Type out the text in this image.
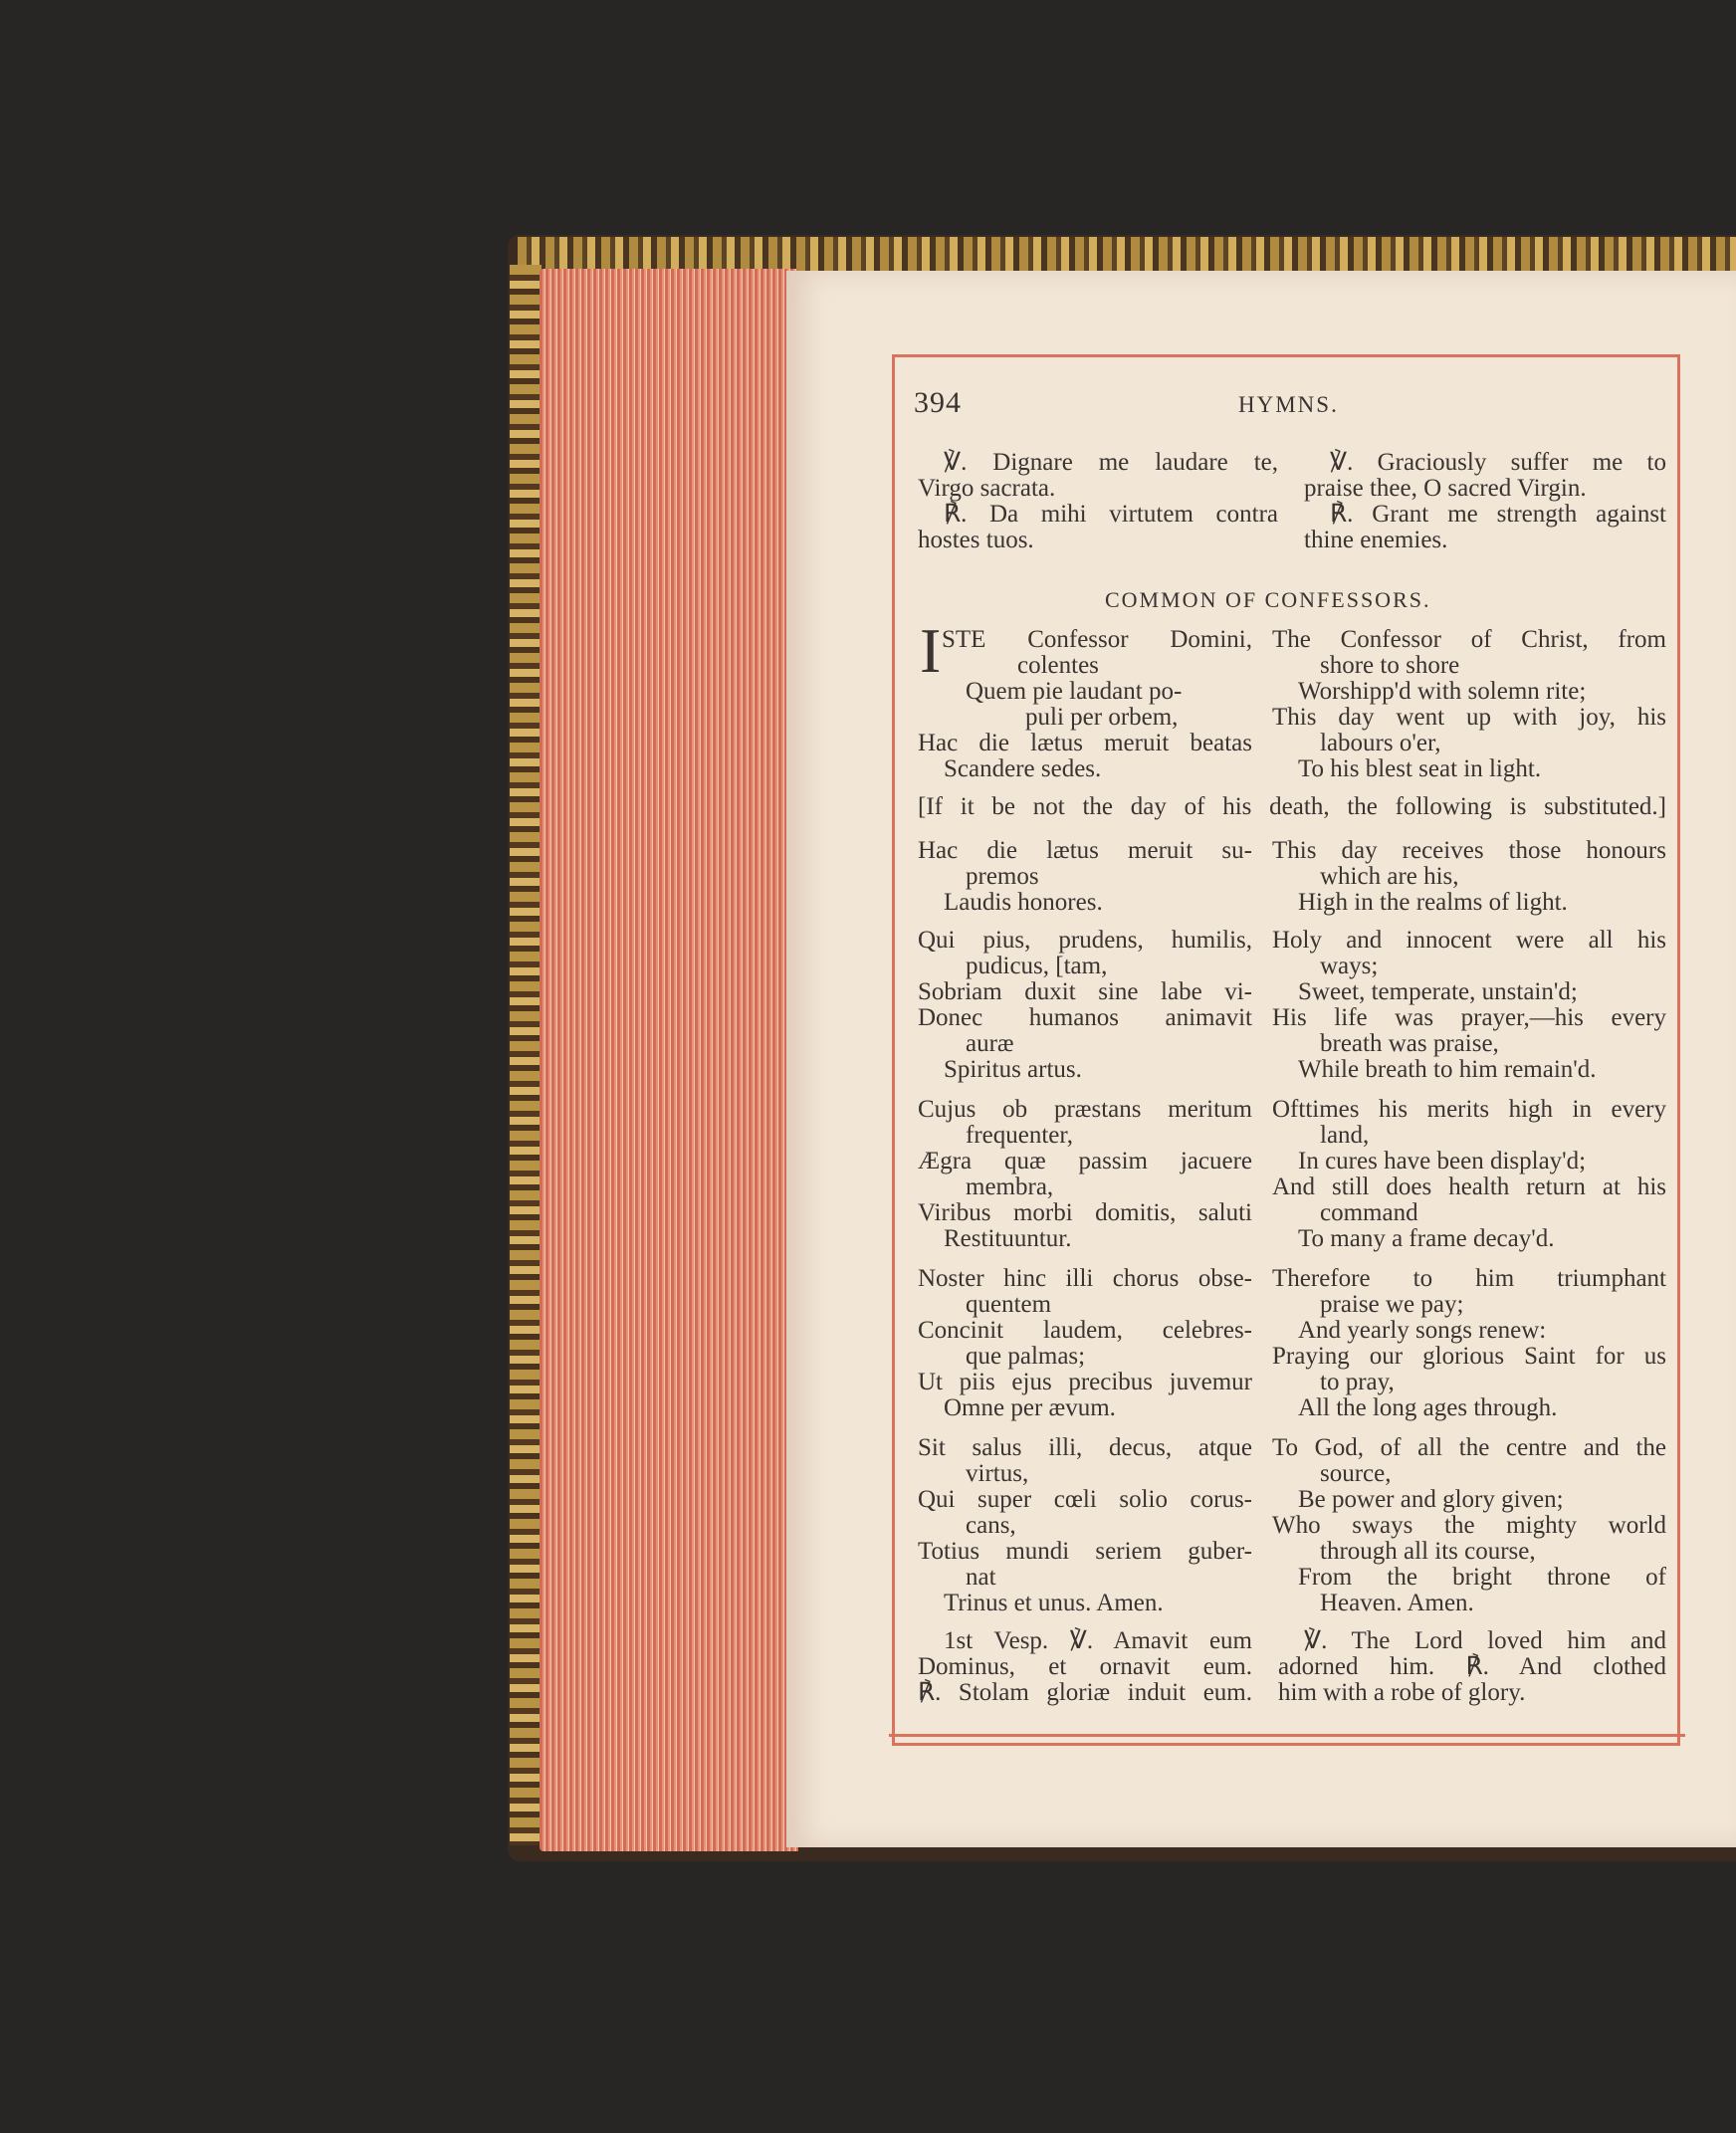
394	HYMNS.
℣. Dignare me laudare te,
Virgo sacrata.
℟. Da mihi virtutem contra
hostes tuos.
℣. Graciously suffer me to
praise thee, O sacred Virgin.
℟. Grant me strength against
thine enemies.
COMMON OF CONFESSORS.
I STE Confessor Domini,
colentes
Quem pie laudant po-
puli per orbem,
Hac die lætus meruit beatas
Scandere sedes.
The Confessor of Christ, from
shore to shore
Worshipp'd with solemn rite;
This day went up with joy, his
labours o'er,
To his blest seat in light.
[If it be not the day of his death, the following is substituted.]
Hac die lætus meruit su-
premos
Laudis honores.
This day receives those honours
which are his,
High in the realms of light.
Qui pius, prudens, humilis,
pudicus, [tam,
Sobriam duxit sine labe vi-
Donec humanos animavit
auræ
Spiritus artus.
Holy and innocent were all his
ways;
Sweet, temperate, unstain'd;
His life was prayer,—his every
breath was praise,
While breath to him remain'd.
Cujus ob præstans meritum
frequenter,
Ægra quæ passim jacuere
membra,
Viribus morbi domitis, saluti
Restituuntur.
Ofttimes his merits high in every
land,
In cures have been display'd;
And still does health return at his
command
To many a frame decay'd.
Noster hinc illi chorus obse-
quentem
Concinit laudem, celebres-
que palmas;
Ut piis ejus precibus juvemur
Omne per ævum.
Therefore to him triumphant
praise we pay;
And yearly songs renew:
Praying our glorious Saint for us
to pray,
All the long ages through.
Sit salus illi, decus, atque
virtus,
Qui super cœli solio corus-
cans,
Totius mundi seriem guber-
nat
Trinus et unus. Amen.
To God, of all the centre and the
source,
Be power and glory given;
Who sways the mighty world
through all its course,
From the bright throne of
Heaven. Amen.
1st Vesp. ℣. Amavit eum
Dominus, et ornavit eum.
℟. Stolam gloriæ induit eum.
℣. The Lord loved him and
adorned him. ℟. And clothed
him with a robe of glory.
